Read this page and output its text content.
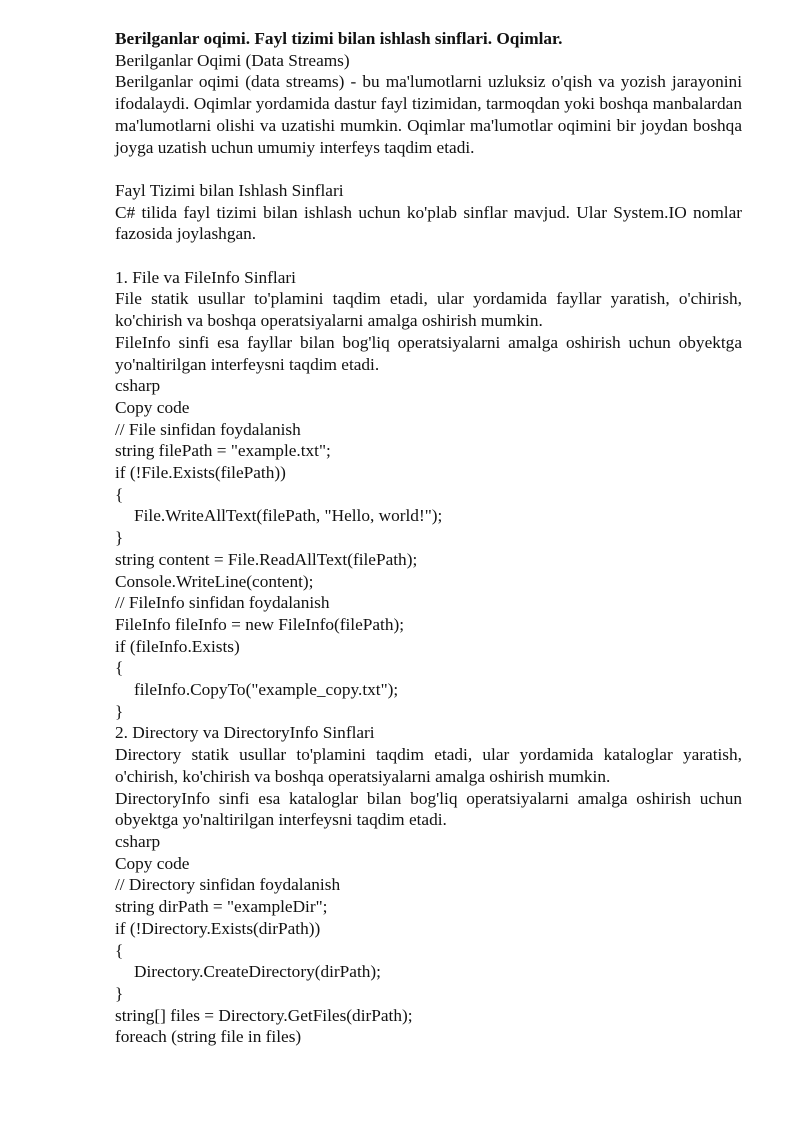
Berilganlar oqimi. Fayl tizimi bilan ishlash sinflari. Oqimlar.
Berilganlar Oqimi (Data Streams)
Berilganlar oqimi (data streams) - bu ma'lumotlarni uzluksiz o'qish va yozish jarayonini ifodalaydi. Oqimlar yordamida dastur fayl tizimidan, tarmoqdan yoki boshqa manbalardan ma'lumotlarni olishi va uzatishi mumkin. Oqimlar ma'lumotlar oqimini bir joydan boshqa joyga uzatish uchun umumiy interfeys taqdim etadi.
Fayl Tizimi bilan Ishlash Sinflari
C# tilida fayl tizimi bilan ishlash uchun ko'plab sinflar mavjud. Ular System.IO nomlar fazosida joylashgan.
1. File va FileInfo Sinflari
File statik usullar to'plamini taqdim etadi, ular yordamida fayllar yaratish, o'chirish, ko'chirish va boshqa operatsiyalarni amalga oshirish mumkin.
FileInfo sinfi esa fayllar bilan bog'liq operatsiyalarni amalga oshirish uchun obyektga yo'naltirilgan interfeysni taqdim etadi.
csharp
Copy code
// File sinfidan foydalanish
string filePath = "example.txt";
if (!File.Exists(filePath))
{
File.WriteAllText(filePath, "Hello, world!");
}
string content = File.ReadAllText(filePath);
Console.WriteLine(content);
// FileInfo sinfidan foydalanish
FileInfo fileInfo = new FileInfo(filePath);
if (fileInfo.Exists)
{
fileInfo.CopyTo("example_copy.txt");
}
2. Directory va DirectoryInfo Sinflari
Directory statik usullar to'plamini taqdim etadi, ular yordamida kataloglar yaratish, o'chirish, ko'chirish va boshqa operatsiyalarni amalga oshirish mumkin.
DirectoryInfo sinfi esa kataloglar bilan bog'liq operatsiyalarni amalga oshirish uchun obyektga yo'naltirilgan interfeysni taqdim etadi.
csharp
Copy code
// Directory sinfidan foydalanish
string dirPath = "exampleDir";
if (!Directory.Exists(dirPath))
{
Directory.CreateDirectory(dirPath);
}
string[] files = Directory.GetFiles(dirPath);
foreach (string file in files)
